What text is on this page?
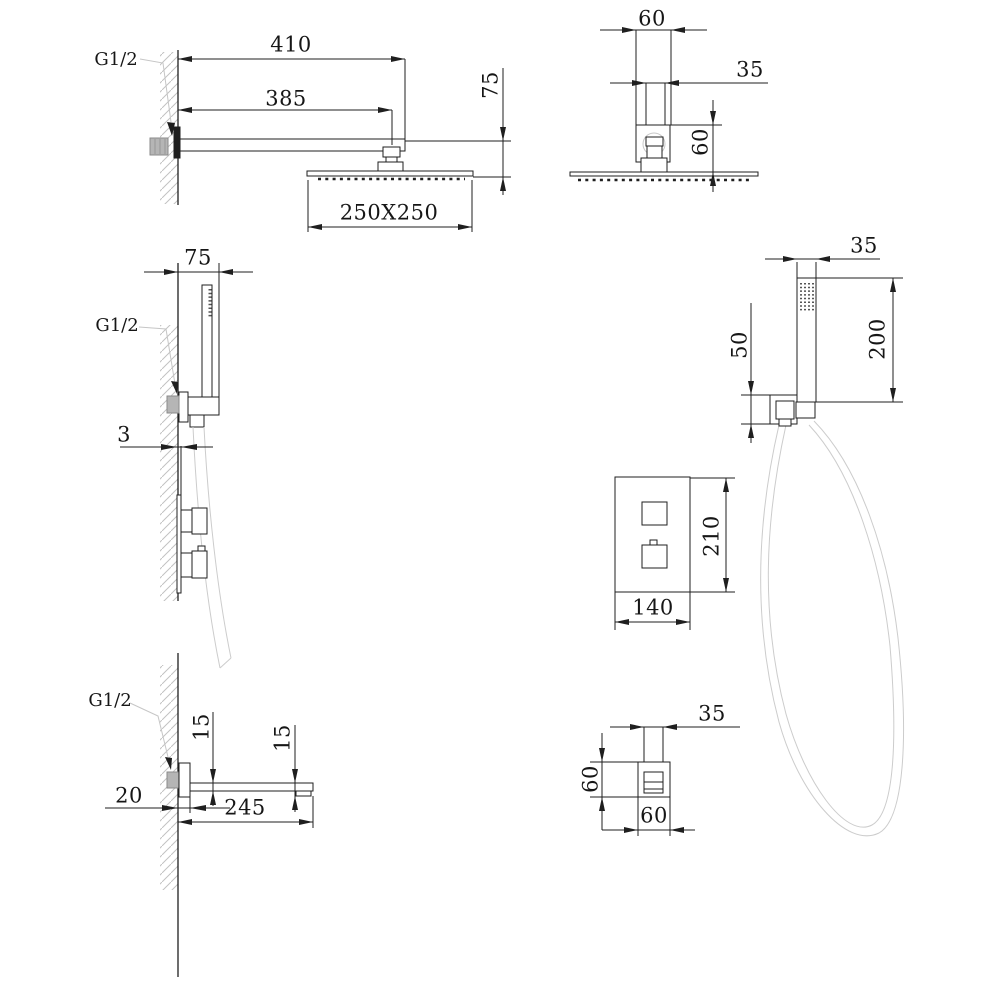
G1/2
410
385	75
250X250
60
35
60
75
G1/2
3
35
200
50
210
140
G1/2
15	15
20	245
35
60
60
